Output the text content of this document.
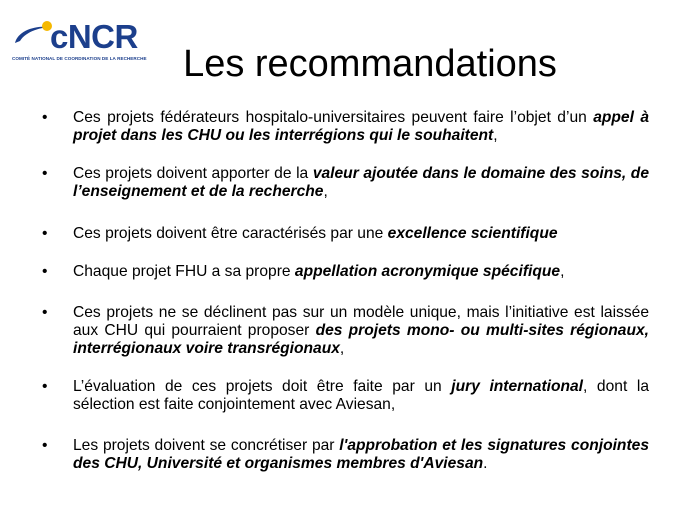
cNCR
COMITÉ NATIONAL DE COORDINATION DE LA RECHERCHE Les recommandations
• Ces projets fédérateurs hospitalo-universitaires peuvent faire l’objet d’un appel à projet dans les CHU ou les interrégions qui le souhaitent,
• Ces projets doivent apporter de la valeur ajoutée dans le domaine des soins, de l’enseignement et de la recherche,
• Ces projets doivent être caractérisés par une excellence scientifique
• Chaque projet FHU a sa propre appellation acronymique spécifique,
• Ces projets ne se déclinent pas sur un modèle unique, mais l’initiative est laissée aux CHU qui pourraient proposer des projets mono- ou multi-sites régionaux, interrégionaux voire transrégionaux,
• L’évaluation de ces projets doit être faite par un jury international, dont la sélection est faite conjointement avec Aviesan,
• Les projets doivent se concrétiser par l'approbation et les signatures conjointes des CHU, Université et organismes membres d'Aviesan.
